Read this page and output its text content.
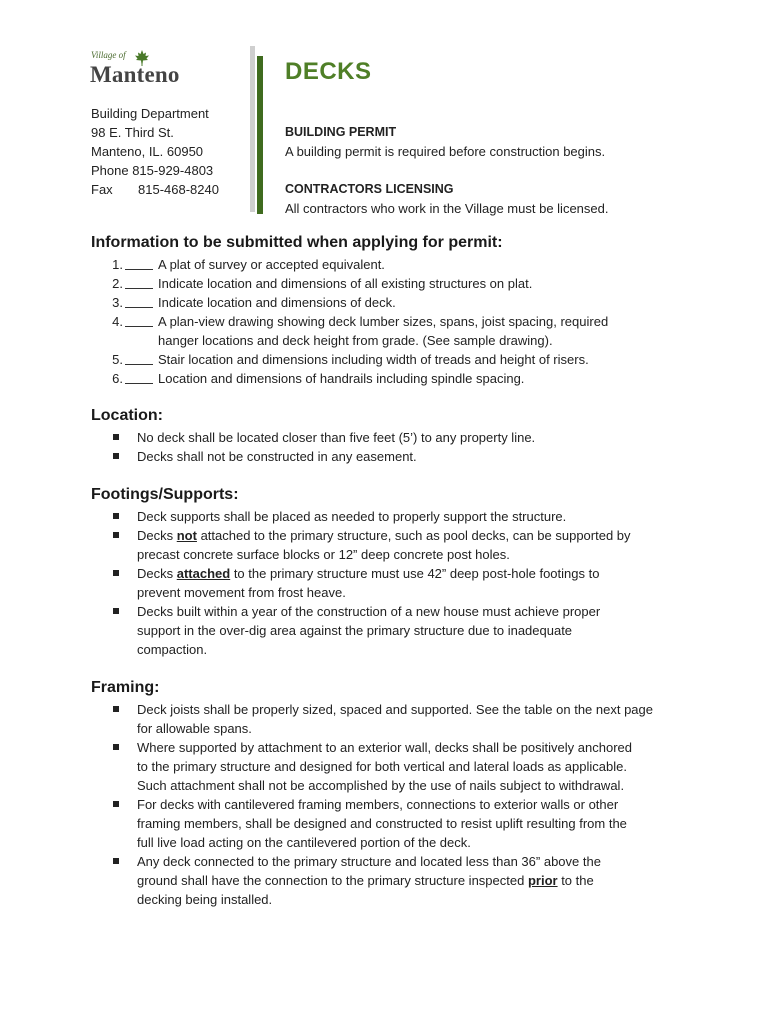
Village of
Manteno
Building Department
98 E. Third St.
Manteno, IL. 60950
Phone 815-929-4803
Fax 815-468-8240
DECKS
BUILDING PERMIT
A building permit is required before construction begins.
CONTRACTORS LICENSING
All contractors who work in the Village must be licensed.
Information to be submitted when applying for permit:
1.	A plat of survey or accepted equivalent.
2.	Indicate location and dimensions of all existing structures on plat.
3.	Indicate location and dimensions of deck.
4.	A plan-view drawing showing deck lumber sizes, spans, joist spacing, required
hanger locations and deck height from grade. (See sample drawing).
5.	Stair location and dimensions including width of treads and height of risers.
6.	Location and dimensions of handrails including spindle spacing.
Location:
No deck shall be located closer than five feet (5’) to any property line.
Decks shall not be constructed in any easement.
Footings/Supports:
Deck supports shall be placed as needed to properly support the structure.
Decks not attached to the primary structure, such as pool decks, can be supported by
precast concrete surface blocks or 12” deep concrete post holes.
Decks attached to the primary structure must use 42” deep post-hole footings to
prevent movement from frost heave.
Decks built within a year of the construction of a new house must achieve proper
support in the over-dig area against the primary structure due to inadequate
compaction.
Framing:
Deck joists shall be properly sized, spaced and supported. See the table on the next page
for allowable spans.
Where supported by attachment to an exterior wall, decks shall be positively anchored
to the primary structure and designed for both vertical and lateral loads as applicable.
Such attachment shall not be accomplished by the use of nails subject to withdrawal.
For decks with cantilevered framing members, connections to exterior walls or other
framing members, shall be designed and constructed to resist uplift resulting from the
full live load acting on the cantilevered portion of the deck.
Any deck connected to the primary structure and located less than 36” above the
ground shall have the connection to the primary structure inspected prior to the
decking being installed.
